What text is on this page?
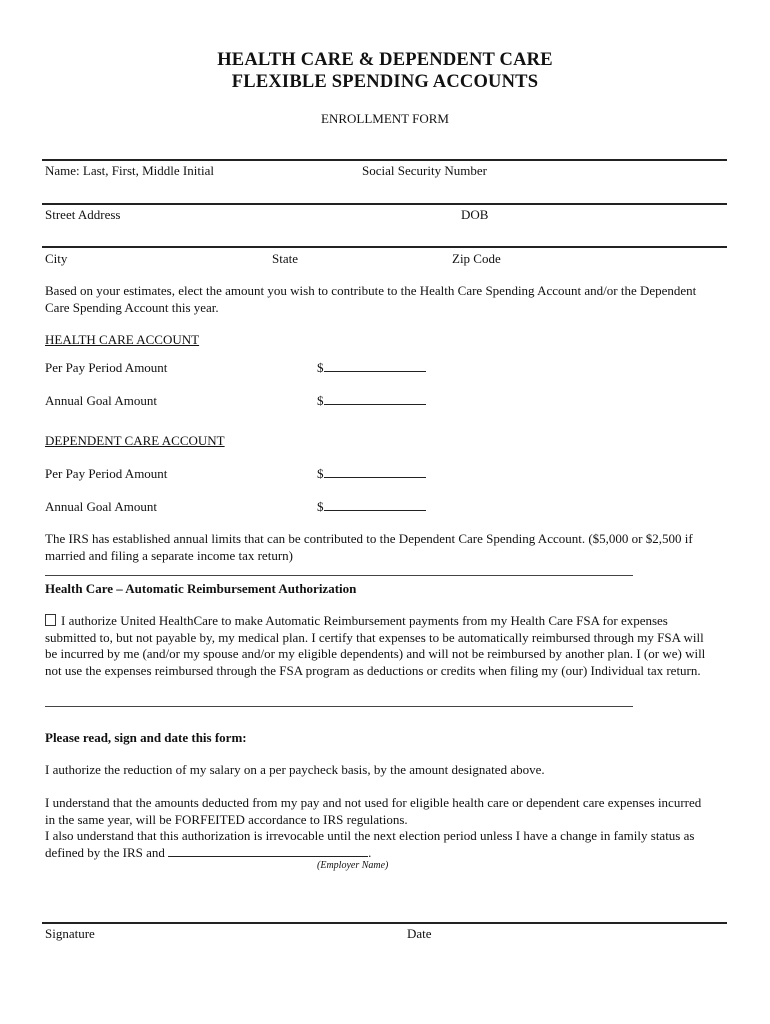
HEALTH CARE & DEPENDENT CARE
FLEXIBLE SPENDING ACCOUNTS
ENROLLMENT FORM
Name: Last, First, Middle Initial	Social Security Number
Street Address	DOB
City	State	Zip Code
Based on your estimates, elect the amount you wish to contribute to the Health Care Spending Account and/or the Dependent Care Spending Account this year.
HEALTH CARE ACCOUNT
Per Pay Period Amount	$
Annual Goal Amount	$
DEPENDENT CARE ACCOUNT
Per Pay Period Amount	$
Annual Goal Amount	$
The IRS has established annual limits that can be contributed to the Dependent Care Spending Account. ($5,000 or $2,500 if married and filing a separate income tax return)
Health Care – Automatic Reimbursement Authorization
I authorize United HealthCare to make Automatic Reimbursement payments from my Health Care FSA for expenses submitted to, but not payable by, my medical plan. I certify that expenses to be automatically reimbursed through my FSA will be incurred by me (and/or my spouse and/or my eligible dependents) and will not be reimbursed by another plan. I (or we) will not use the expenses reimbursed through the FSA program as deductions or credits when filing my (our) Individual tax return.
Please read, sign and date this form:
I authorize the reduction of my salary on a per paycheck basis, by the amount designated above.
I understand that the amounts deducted from my pay and not used for eligible health care or dependent care expenses incurred in the same year, will be FORFEITED accordance to IRS regulations.
I also understand that this authorization is irrevocable until the next election period unless I have a change in family status as defined by the IRS and	.
(Employer Name)
Signature	Date
